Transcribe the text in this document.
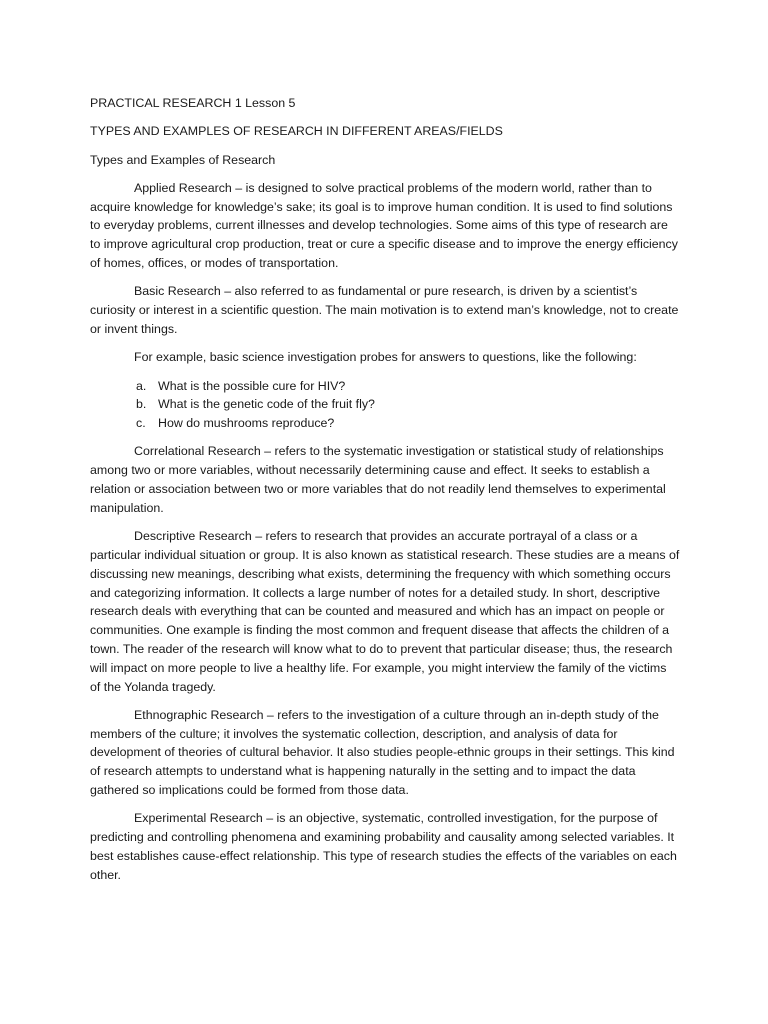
PRACTICAL RESEARCH 1 Lesson 5

TYPES AND EXAMPLES OF RESEARCH IN DIFFERENT AREAS/FIELDS

Types and Examples of Research

Applied Research – is designed to solve practical problems of the modern world, rather than to acquire knowledge for knowledge’s sake; its goal is to improve human condition. It is used to find solutions to everyday problems, current illnesses and develop technologies. Some aims of this type of research are to improve agricultural crop production, treat or cure a specific disease and to improve the energy efficiency of homes, offices, or modes of transportation.

Basic Research – also referred to as fundamental or pure research, is driven by a scientist’s curiosity or interest in a scientific question. The main motivation is to extend man’s knowledge, not to create or invent things.

For example, basic science investigation probes for answers to questions, like the following:

a. What is the possible cure for HIV?
b. What is the genetic code of the fruit fly?
c. How do mushrooms reproduce?

Correlational Research – refers to the systematic investigation or statistical study of relationships among two or more variables, without necessarily determining cause and effect. It seeks to establish a relation or association between two or more variables that do not readily lend themselves to experimental manipulation.

Descriptive Research – refers to research that provides an accurate portrayal of a class or a particular individual situation or group. It is also known as statistical research. These studies are a means of discussing new meanings, describing what exists, determining the frequency with which something occurs and categorizing information. It collects a large number of notes for a detailed study. In short, descriptive research deals with everything that can be counted and measured and which has an impact on people or communities. One example is finding the most common and frequent disease that affects the children of a town. The reader of the research will know what to do to prevent that particular disease; thus, the research will impact on more people to live a healthy life. For example, you might interview the family of the victims of the Yolanda tragedy.

Ethnographic Research – refers to the investigation of a culture through an in-depth study of the members of the culture; it involves the systematic collection, description, and analysis of data for development of theories of cultural behavior. It also studies people-ethnic groups in their settings. This kind of research attempts to understand what is happening naturally in the setting and to impact the data gathered so implications could be formed from those data.

Experimental Research – is an objective, systematic, controlled investigation, for the purpose of predicting and controlling phenomena and examining probability and causality among selected variables. It best establishes cause-effect relationship. This type of research studies the effects of the variables on each other.
